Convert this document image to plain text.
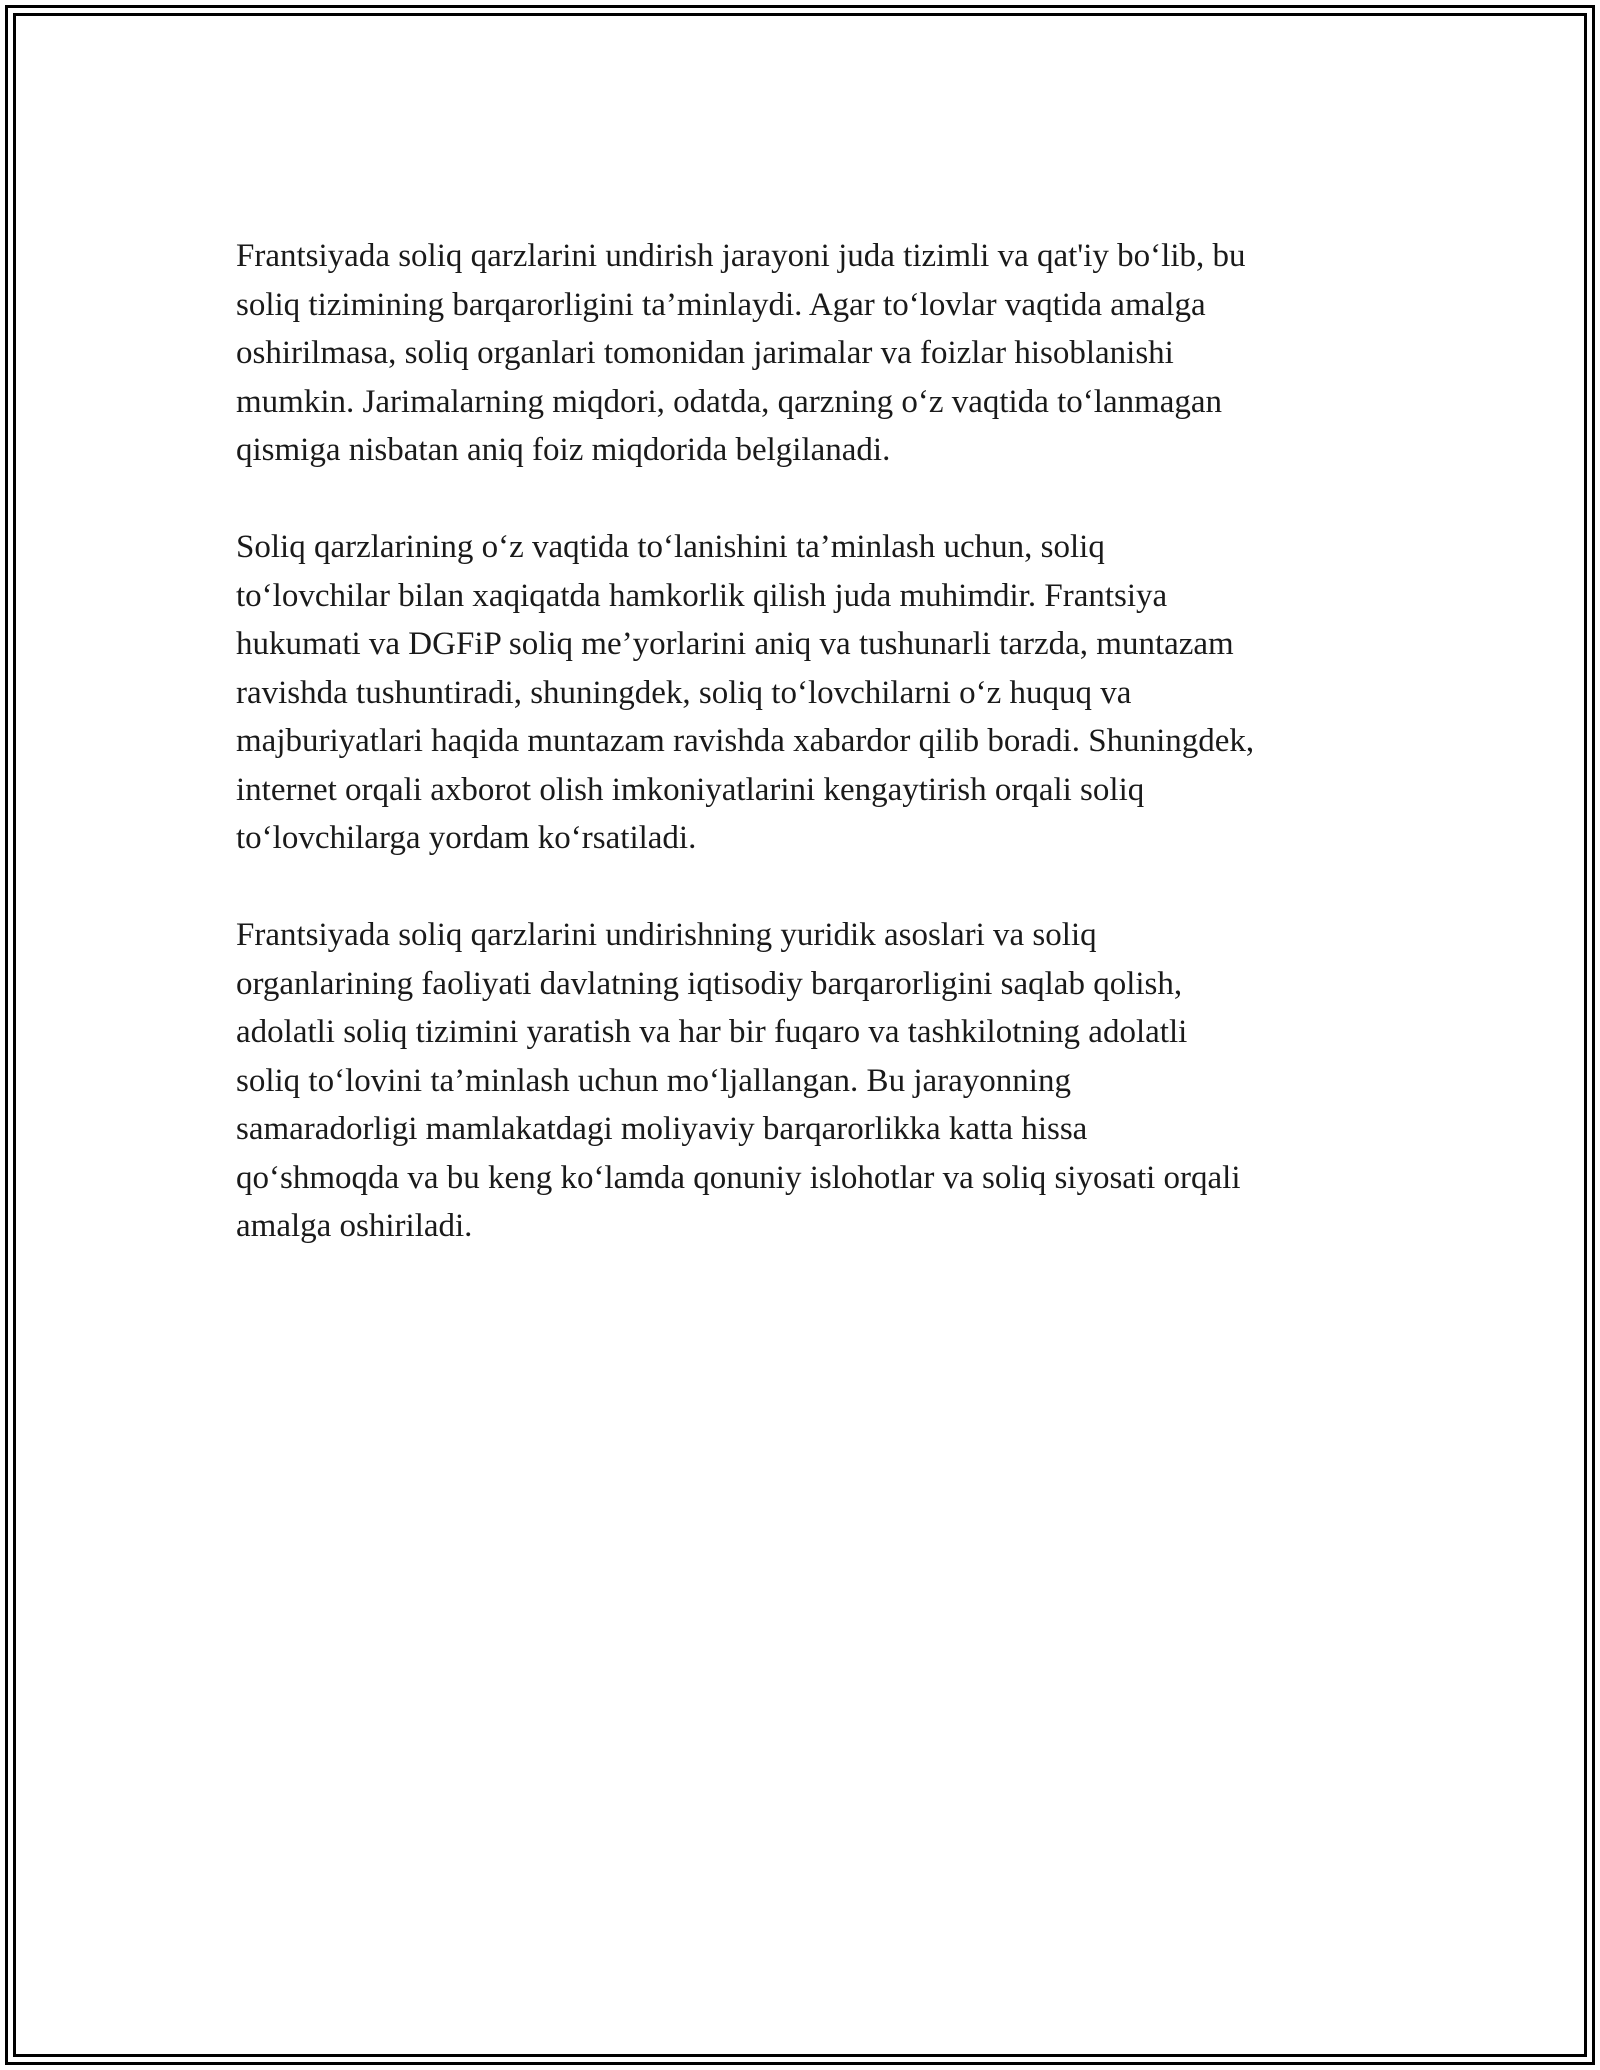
Frantsiyada soliq qarzlarini undirish jarayoni juda tizimli va qat'iy bo‘lib, bu
soliq tizimining barqarorligini ta’minlaydi. Agar to‘lovlar vaqtida amalga
oshirilmasa, soliq organlari tomonidan jarimalar va foizlar hisoblanishi
mumkin. Jarimalarning miqdori, odatda, qarzning o‘z vaqtida to‘lanmagan
qismiga nisbatan aniq foiz miqdorida belgilanadi.

Soliq qarzlarining o‘z vaqtida to‘lanishini ta’minlash uchun, soliq
to‘lovchilar bilan xaqiqatda hamkorlik qilish juda muhimdir. Frantsiya
hukumati va DGFiP soliq me’yorlarini aniq va tushunarli tarzda, muntazam
ravishda tushuntiradi, shuningdek, soliq to‘lovchilarni o‘z huquq va
majburiyatlari haqida muntazam ravishda xabardor qilib boradi. Shuningdek,
internet orqali axborot olish imkoniyatlarini kengaytirish orqali soliq
to‘lovchilarga yordam ko‘rsatiladi.

Frantsiyada soliq qarzlarini undirishning yuridik asoslari va soliq
organlarining faoliyati davlatning iqtisodiy barqarorligini saqlab qolish,
adolatli soliq tizimini yaratish va har bir fuqaro va tashkilotning adolatli
soliq to‘lovini ta’minlash uchun mo‘ljallangan. Bu jarayonning
samaradorligi mamlakatdagi moliyaviy barqarorlikka katta hissa
qo‘shmoqda va bu keng ko‘lamda qonuniy islohotlar va soliq siyosati orqali
amalga oshiriladi.
